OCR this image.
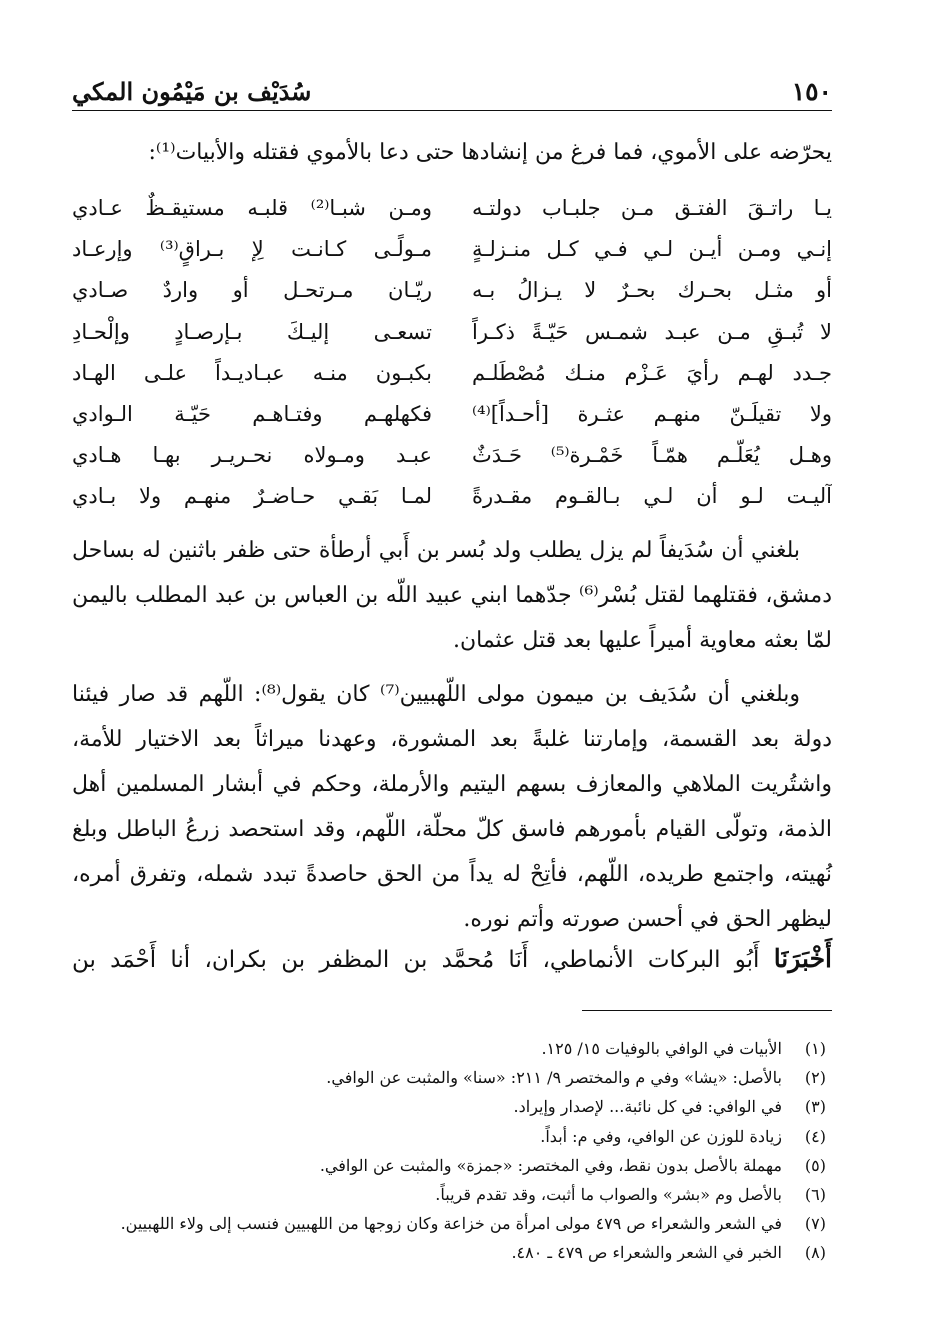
١٥٠
سُدَيْف بن مَيْمُون المكي
يحرّضه على الأموي، فما فرغ من إنشادها حتى دعا بالأموي فقتله والأبيات⁽¹⁾:
يـا راتـقَ الفتـق مـن جلبـاب دولتـه
ومـن شبـا⁽²⁾ قلبـه مستيقـظٌ عـادي
إنـي ومـن أيـن لـي فـي كـل منـزلـةٍ
مـولًـى كـانـت لِإ بـراقٍ⁽³⁾ وإرعـاد
أو مثـل بحـرك بحـرٌ لا يـزالُ بـه
ريّـان مـرتحـل أو واردٌ صـادي
لا تُبـقِ مـن عبـد شمـس حَيّـةً ذكـراً
تسعـى إليـكَ بـإرصـادٍ وإلْحـادِ
جـدد لهـم رأيَ عَـزْم منـك مُصْطَلـم
بكبـون منـه عبـاديـداً علـى الهـاد
ولا تقيلَـنّ منهـم عثـرة [أحـداً]⁽⁴⁾
فكهلهـم وفتـاهـم حَيّـة الـوادي
وهـل يُعَلّـم همّـاً خَمْـرة⁽⁵⁾ حَـدَثٌ
عبـد ومـولاه نحـريـر بهـا هـادي
آليـت لـو أن لـي بـالقـوم مقـدرةً
لمـا بَقـي حـاضـرٌ منهـم ولا بـادي
بلغني أن سُدَيفاً لم يزل يطلب ولد بُسر بن أَبي أرطأة حتى ظفر باثنين له بساحل دمشق، فقتلهما لقتل بُسْر⁽⁶⁾ جدّهما ابني عبيد اللّه بن العباس بن عبد المطلب باليمن لمّا بعثه معاوية أميراً عليها بعد قتل عثمان.
وبلغني أن سُدَيف بن ميمون مولى اللّهبيين⁽⁷⁾ كان يقول⁽⁸⁾: اللّهم قد صار فيئنا دولة بعد القسمة، وإمارتنا غلبةً بعد المشورة، وعهدنا ميراثاً بعد الاختيار للأمة، واشتُريت الملاهي والمعازف بسهم اليتيم والأرملة، وحكم في أبشار المسلمين أهل الذمة، وتولّى القيام بأمورهم فاسق كلّ محلّة، اللّهم، وقد استحصد زرعُ الباطل وبلغ نُهيته، واجتمع طريده، اللّهم، فأتِحْ له يداً من الحق حاصدةً تبدد شمله، وتفرق أمره، ليظهر الحق في أحسن صورته وأتم نوره.
أَخْبَرَنَا أَبُو البركات الأنماطي، أَنَا مُحمَّد بن المظفر بن بكران، أنا أَحْمَد بن
(١)
الأبيات في الوافي بالوفيات ١٥/ ١٢٥.
(٢)
بالأصل: «يشا» وفي م والمختصر ٩/ ٢١١: «سنا» والمثبت عن الوافي.
(٣)
في الوافي: في كل نائبة... لإصدار وإيراد.
(٤)
زيادة للوزن عن الوافي، وفي م: أبداً.
(٥)
مهملة بالأصل بدون نقط، وفي المختصر: «جمزة» والمثبت عن الوافي.
(٦)
بالأصل وم «بشر» والصواب ما أثبت، وقد تقدم قريباً.
(٧)
في الشعر والشعراء ص ٤٧٩ مولى امرأة من خزاعة وكان زوجها من اللهبيين فنسب إلى ولاء اللهبيين.
(٨)
الخبر في الشعر والشعراء ص ٤٧٩ ـ ٤٨٠.
